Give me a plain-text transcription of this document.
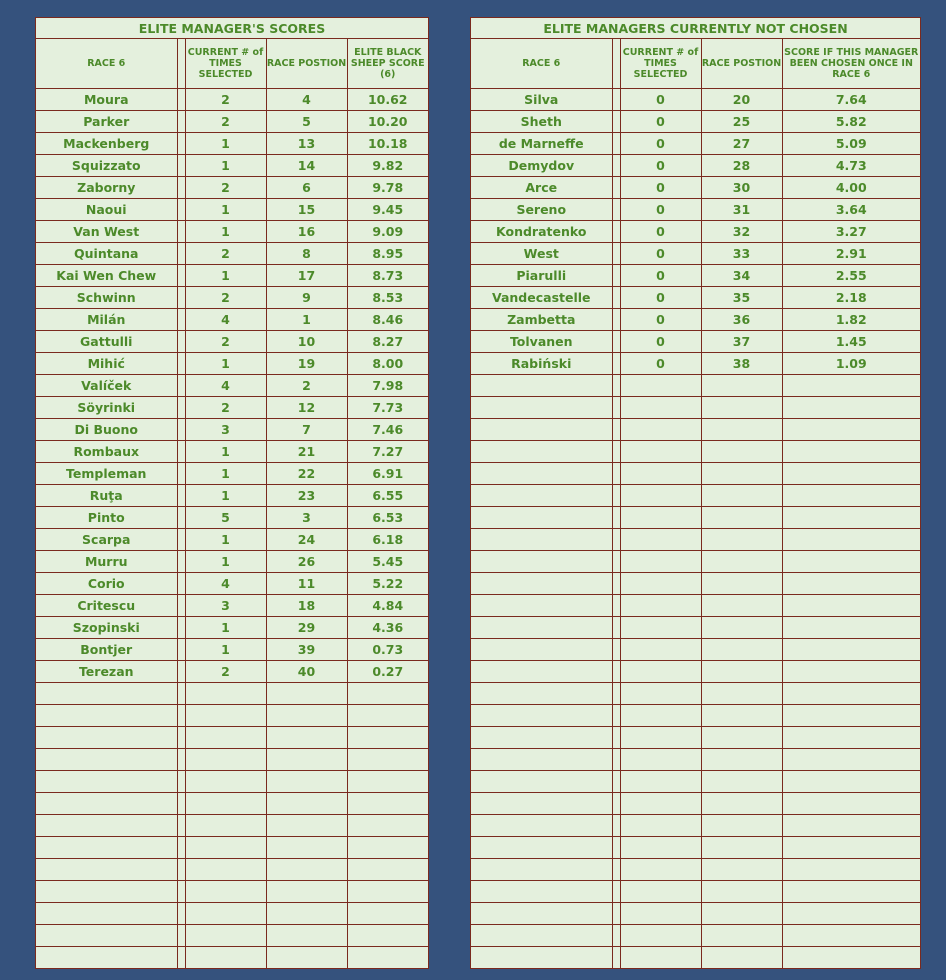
ELITE MANAGER'S SCORES
RACE 6		CURRENT # of TIMES SELECTED	RACE POSTION	ELITE BLACK SHEEP SCORE (6)
Moura		2	4	10.62
Parker		2	5	10.20
Mackenberg		1	13	10.18
Squizzato		1	14	9.82
Zaborny		2	6	9.78
Naoui		1	15	9.45
Van West		1	16	9.09
Quintana		2	8	8.95
Kai Wen Chew		1	17	8.73
Schwinn		2	9	8.53
Milán		4	1	8.46
Gattulli		2	10	8.27
Mihić		1	19	8.00
Valíček		4	2	7.98
Söyrinki		2	12	7.73
Di Buono		3	7	7.46
Rombaux		1	21	7.27
Templeman		1	22	6.91
Ruţa		1	23	6.55
Pinto		5	3	6.53
Scarpa		1	24	6.18
Murru		1	26	5.45
Corio		4	11	5.22
Critescu		3	18	4.84
Szopinski		1	29	4.36
Bontjer		1	39	0.73
Terezan		2	40	0.27

ELITE MANAGERS CURRENTLY NOT CHOSEN
RACE 6		CURRENT # of TIMES SELECTED	RACE POSTION	SCORE IF THIS MANAGER BEEN CHOSEN ONCE IN RACE 6
Silva		0	20	7.64
Sheth		0	25	5.82
de Marneffe		0	27	5.09
Demydov		0	28	4.73
Arce		0	30	4.00
Sereno		0	31	3.64
Kondratenko		0	32	3.27
West		0	33	2.91
Piarulli		0	34	2.55
Vandecastelle		0	35	2.18
Zambetta		0	36	1.82
Tolvanen		0	37	1.45
Rabiński		0	38	1.09
